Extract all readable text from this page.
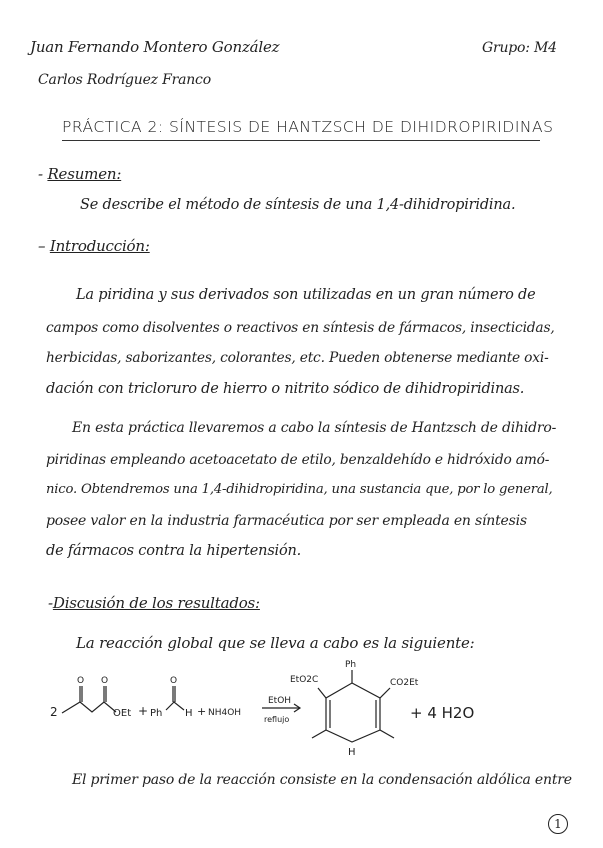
Juan Fernando Montero González
Carlos Rodríguez Franco
Grupo: M4
PRÁCTICA 2: SÍNTESIS DE HANTZSCH DE DIHIDROPIRIDINAS
- Resumen:
Se describe el método de síntesis de una 1,4-dihidropiridina.
– Introducción:
La piridina y sus derivados son utilizadas en un gran número de
campos como disolventes o reactivos en síntesis de fármacos, insecticidas,
herbicidas, saborizantes, colorantes, etc. Pueden obtenerse mediante oxi-
dación con tricloruro de hierro o nitrito sódico de dihidropiridinas.
En esta práctica llevaremos a cabo la síntesis de Hantzsch de dihidro-
piridinas empleando acetoacetato de etilo, benzaldehído e hidróxido amó-
nico. Obtendremos una 1,4-dihidropiridina, una sustancia que, por lo general,
posee valor en la industria farmacéutica por ser empleada en síntesis
de fármacos contra la hipertensión.
-Discusión de los resultados:
La reacción global que se lleva a cabo es la siguiente:
2
O O
OEt + Ph
O
H + NH4OH
EtOH
reflujo
Ph
EtO2C	CO2Et
H
+ 4 H2O
El primer paso de la reacción consiste en la condensación aldólica entre
1
